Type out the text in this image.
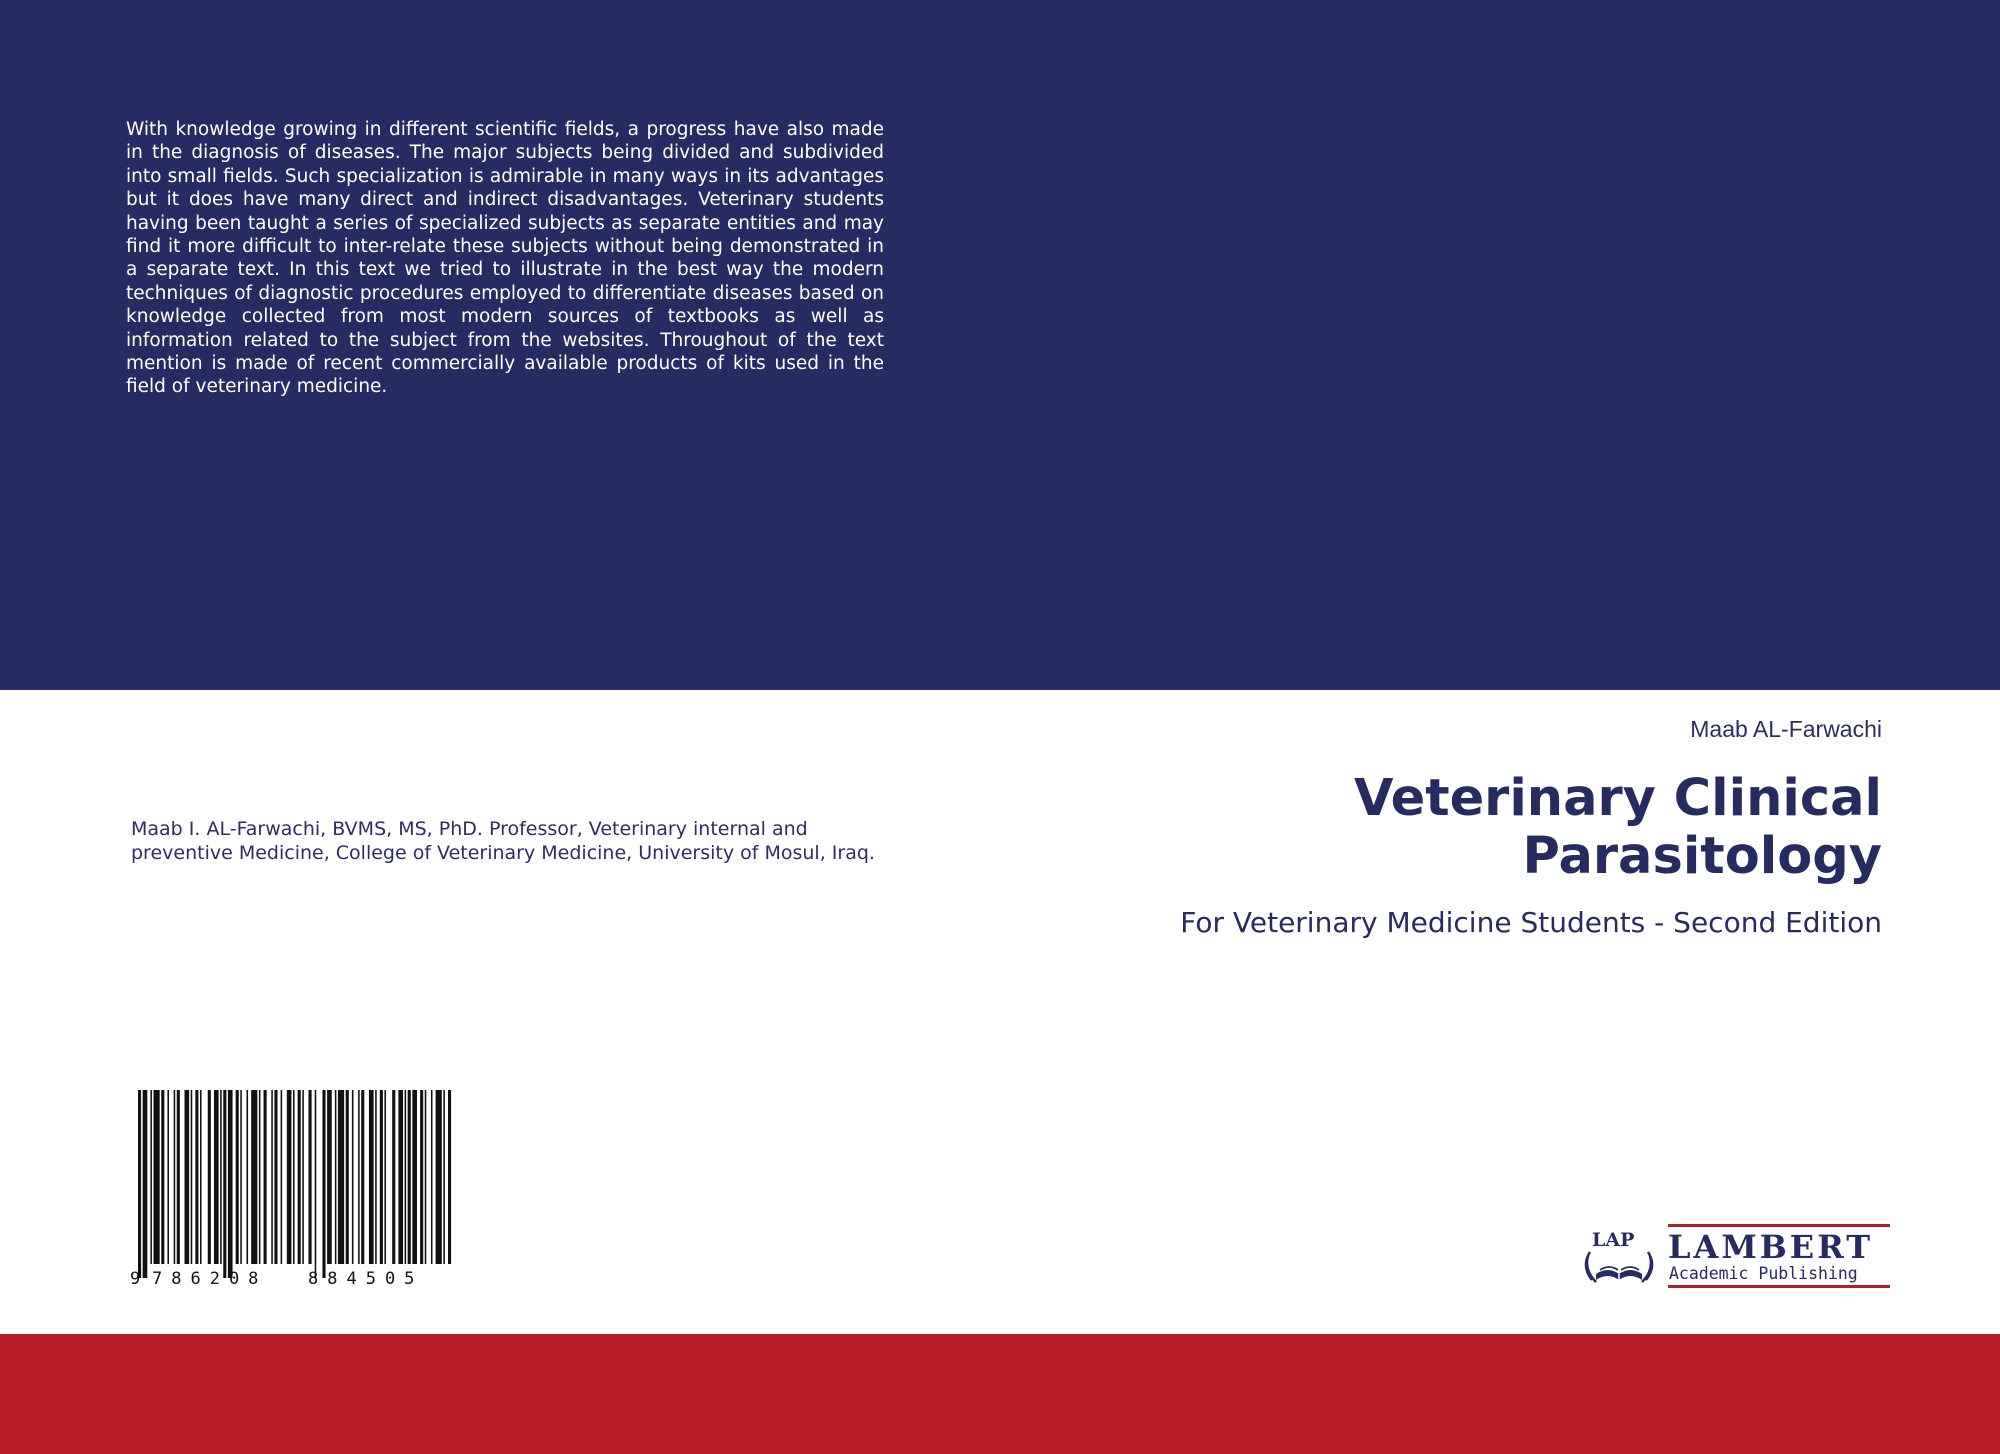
With knowledge growing in different scientific fields, a progress have also made in the diagnosis of diseases. The major subjects being divided and subdivided into small fields. Such specialization is admirable in many ways in its advantages but it does have many direct and indirect disadvantages. Veterinary students having been taught a series of specialized subjects as separate entities and may find it more difficult to inter-relate these subjects without being demonstrated in a separate text. In this text we tried to illustrate in the best way the modern techniques of diagnostic procedures employed to differentiate diseases based on knowledge collected from most modern sources of textbooks as well as information related to the subject from the websites. Throughout of the text mention is made of recent commercially available products of kits used in the field of veterinary medicine.

Maab I. AL-Farwachi, BVMS, MS, PhD. Professor, Veterinary internal and preventive Medicine, College of Veterinary Medicine, University of Mosul, Iraq.

Maab AL-Farwachi

Veterinary Clinical Parasitology

For Veterinary Medicine Students - Second Edition

9 786208 884505
LAP LAMBERT
Academic Publishing
